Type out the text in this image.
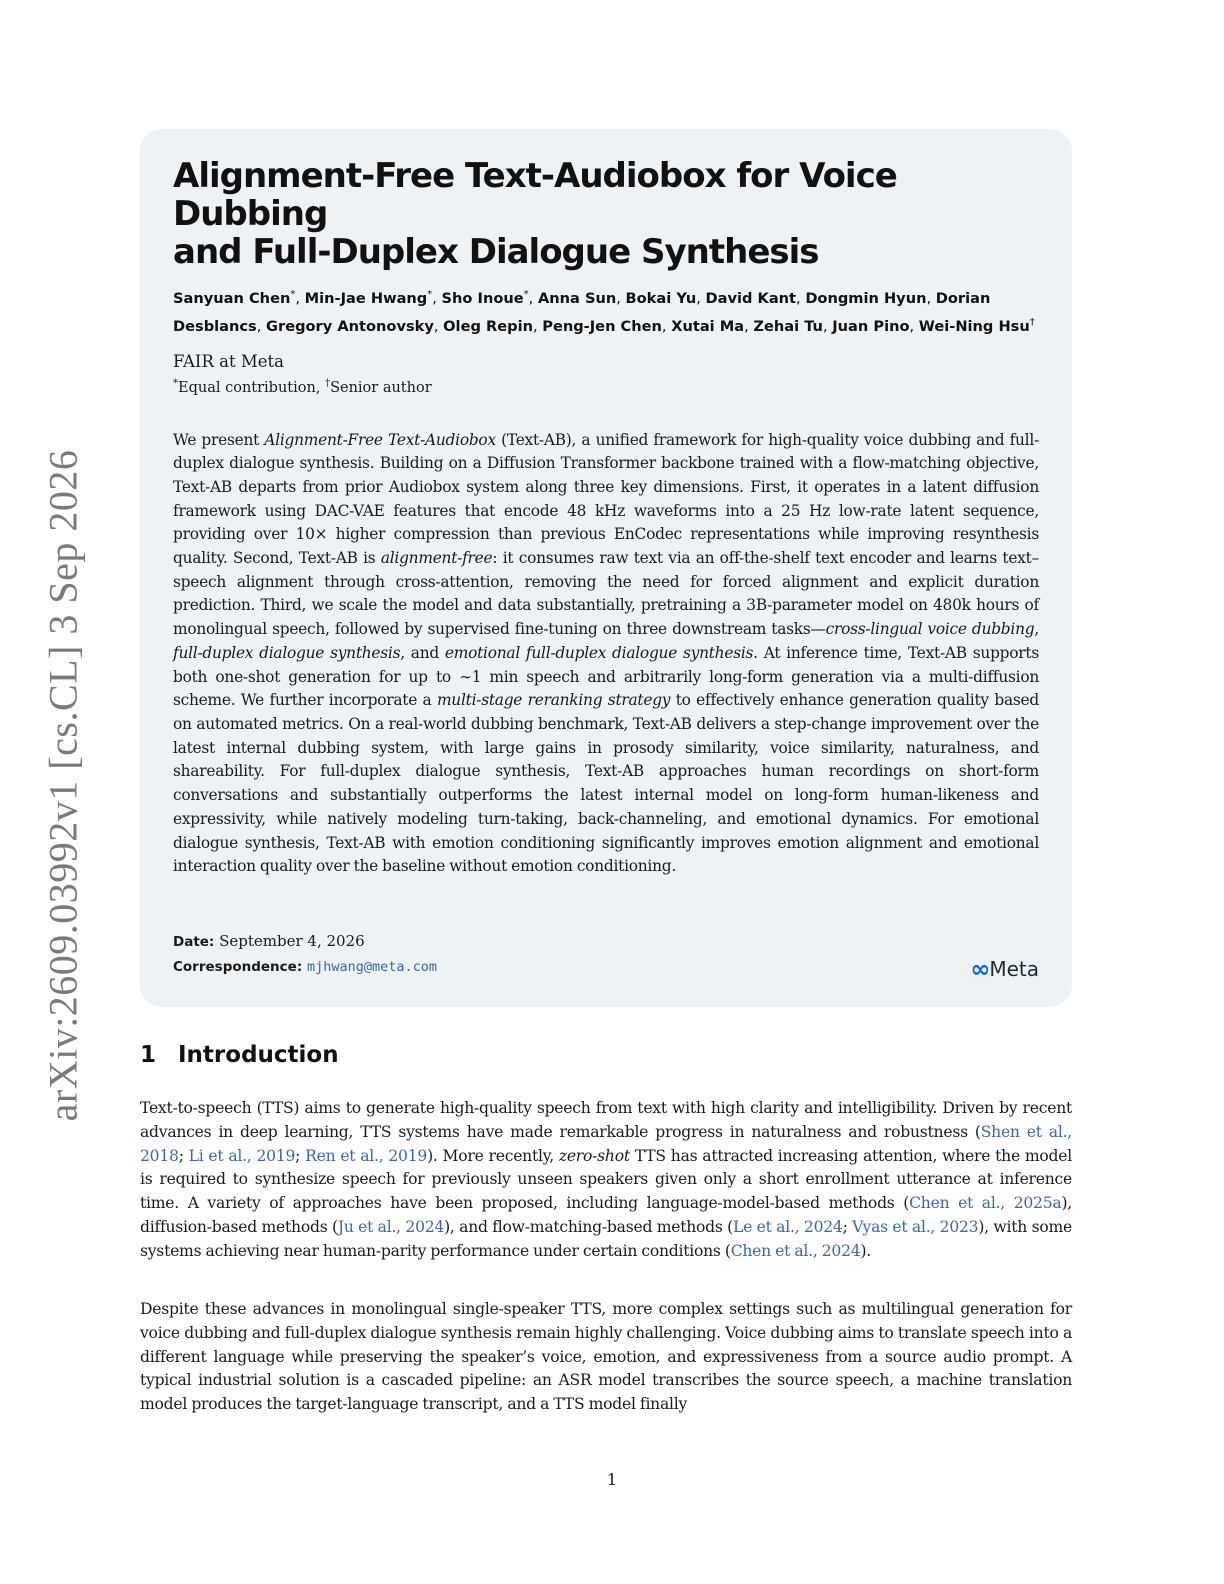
arXiv:2609.03992v1 [cs.CL] 3 Sep 2026
Alignment-Free Text-Audiobox for Voice Dubbing
and Full-Duplex Dialogue Synthesis

Sanyuan Chen*, Min-Jae Hwang*, Sho Inoue*, Anna Sun, Bokai Yu, David Kant, Dongmin Hyun, Dorian Desblancs, Gregory Antonovsky, Oleg Repin, Peng-Jen Chen, Xutai Ma, Zehai Tu, Juan Pino, Wei-Ning Hsu†

FAIR at Meta

*Equal contribution, †Senior author

We present Alignment-Free Text-Audiobox (Text-AB), a unified framework for high-quality voice dubbing and full-duplex dialogue synthesis. Building on a Diffusion Transformer backbone trained with a flow-matching objective, Text-AB departs from prior Audiobox system along three key dimensions. First, it operates in a latent diffusion framework using DAC-VAE features that encode 48 kHz waveforms into a 25 Hz low-rate latent sequence, providing over 10× higher compression than previous EnCodec representations while improving resynthesis quality. Second, Text-AB is alignment-free: it consumes raw text via an off-the-shelf text encoder and learns text–speech alignment through cross-attention, removing the need for forced alignment and explicit duration prediction. Third, we scale the model and data substantially, pretraining a 3B-parameter model on 480k hours of monolingual speech, followed by supervised fine-tuning on three downstream tasks—cross-lingual voice dubbing, full-duplex dialogue synthesis, and emotional full-duplex dialogue synthesis. At inference time, Text-AB supports both one-shot generation for up to ∼1 min speech and arbitrarily long-form generation via a multi-diffusion scheme. We further incorporate a multi-stage reranking strategy to effectively enhance generation quality based on automated metrics. On a real-world dubbing benchmark, Text-AB delivers a step-change improvement over the latest internal dubbing system, with large gains in prosody similarity, voice similarity, naturalness, and shareability. For full-duplex dialogue synthesis, Text-AB approaches human recordings on short-form conversations and substantially outperforms the latest internal model on long-form human-likeness and expressivity, while natively modeling turn-taking, back-channeling, and emotional dynamics. For emotional dialogue synthesis, Text-AB with emotion conditioning significantly improves emotion alignment and emotional interaction quality over the baseline without emotion conditioning.

Date: September 4, 2026
Correspondence: mjhwang@meta.com	∞ Meta
1 Introduction

Text-to-speech (TTS) aims to generate high-quality speech from text with high clarity and intelligibility. Driven by recent advances in deep learning, TTS systems have made remarkable progress in naturalness and robustness (Shen et al., 2018; Li et al., 2019; Ren et al., 2019). More recently, zero-shot TTS has attracted increasing attention, where the model is required to synthesize speech for previously unseen speakers given only a short enrollment utterance at inference time. A variety of approaches have been proposed, including language-model-based methods (Chen et al., 2025a), diffusion-based methods (Ju et al., 2024), and flow-matching-based methods (Le et al., 2024; Vyas et al., 2023), with some systems achieving near human-parity performance under certain conditions (Chen et al., 2024).

Despite these advances in monolingual single-speaker TTS, more complex settings such as multilingual generation for voice dubbing and full-duplex dialogue synthesis remain highly challenging. Voice dubbing aims to translate speech into a different language while preserving the speaker’s voice, emotion, and expressiveness from a source audio prompt. A typical industrial solution is a cascaded pipeline: an ASR model transcribes the source speech, a machine translation model produces the target-language transcript, and a TTS model finally

1
